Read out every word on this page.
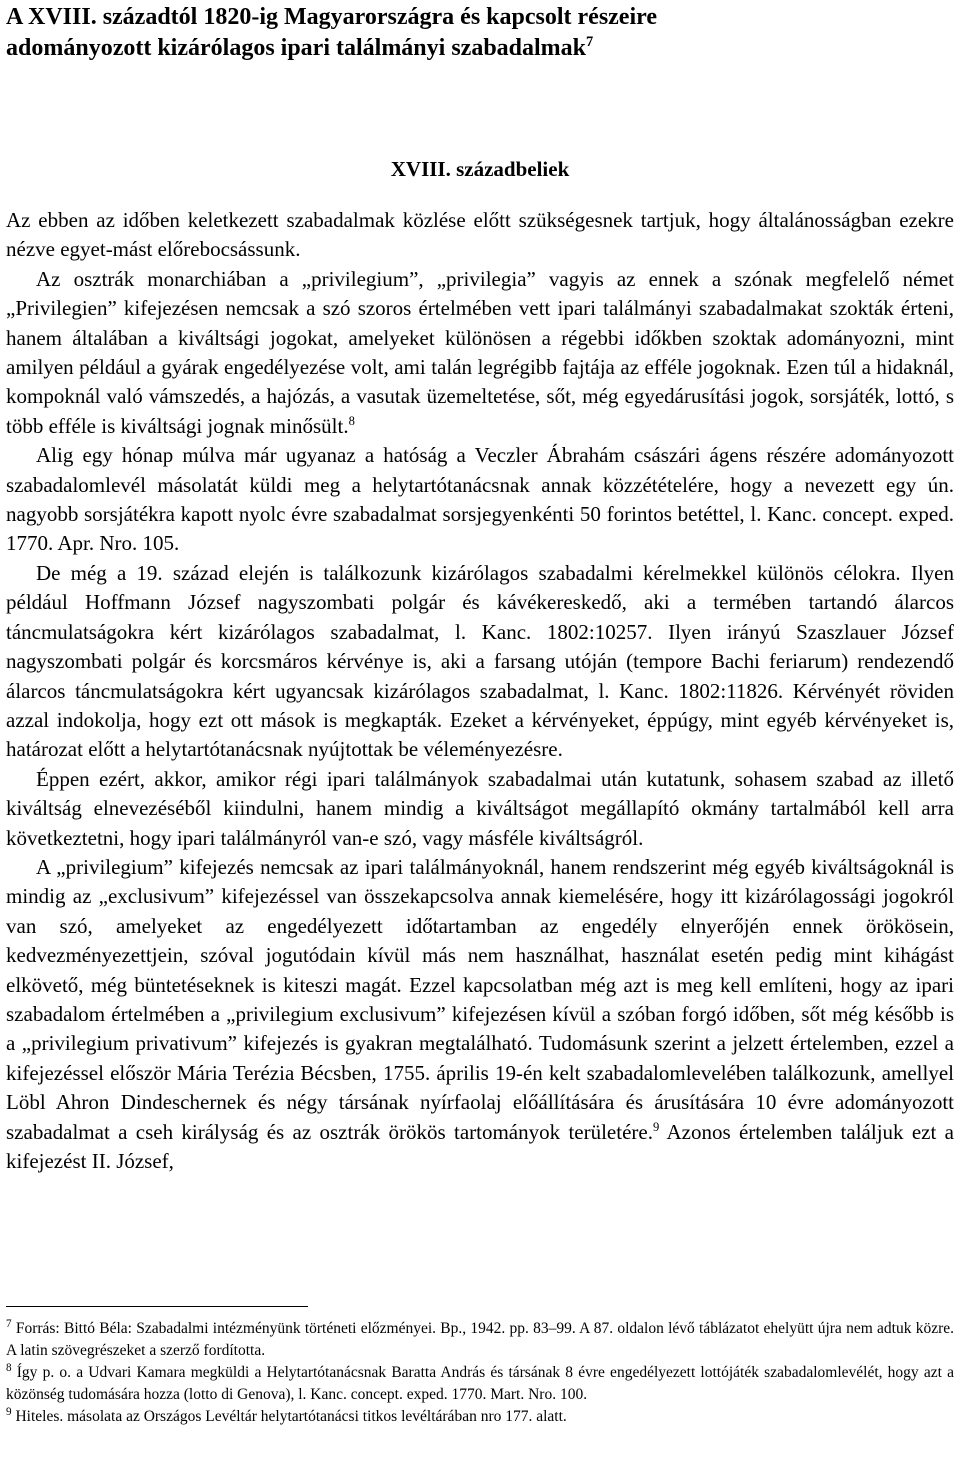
A XVIII. századtól 1820-ig Magyarországra és kapcsolt részeire
adományozott kizárólagos ipari találmányi szabadalmak$^7$
XVIII. századbeliek

Az ebben az időben keletkezett szabadalmak közlése előtt szükségesnek tartjuk, hogy általánosságban ezekre nézve egyet-mást előrebocsássunk.

Az osztrák monarchiában a „privilegium”, „privilegia” vagyis az ennek a szónak megfelelő német „Privilegien” kifejezésen nemcsak a szó szoros értelmében vett ipari találmányi szabadalmakat szokták érteni, hanem általában a kiváltsági jogokat, amelyeket különösen a régebbi időkben szoktak adományozni, mint amilyen például a gyárak engedélyezése volt, ami talán legrégibb fajtája az efféle jogoknak. Ezen túl a hidaknál, kompoknál való vámszedés, a hajózás, a vasutak üzemeltetése, sőt, még egyedárusítási jogok, sorsjáték, lottó, s több efféle is kiváltsági jognak minősült.$^8$

Alig egy hónap múlva már ugyanaz a hatóság a Veczler Ábrahám császári ágens részére adományozott szabadalomlevél másolatát küldi meg a helytartótanácsnak annak közzétételére, hogy a nevezett egy ún. nagyobb sorsjátékra kapott nyolc évre szabadalmat sorsjegyenkénti 50 forintos betéttel, l. Kanc. concept. exped. 1770. Apr. Nro. 105.

De még a 19. század elején is találkozunk kizárólagos szabadalmi kérelmekkel különös célokra. Ilyen például Hoffmann József nagyszombati polgár és kávékereskedő, aki a termében tartandó álarcos táncmulatságokra kért kizárólagos szabadalmat, l. Kanc. 1802:10257. Ilyen irányú Szaszlauer József nagyszombati polgár és korcsmáros kérvénye is, aki a farsang utóján (tempore Bachi feriarum) rendezendő álarcos táncmulatságokra kért ugyancsak kizárólagos szabadalmat, l. Kanc. 1802:11826. Kérvényét röviden azzal indokolja, hogy ezt ott mások is megkapták. Ezeket a kérvényeket, éppúgy, mint egyéb kérvényeket is, határozat előtt a helytartótanácsnak nyújtottak be véleményezésre.

Éppen ezért, akkor, amikor régi ipari találmányok szabadalmai után kutatunk, sohasem szabad az illető kiváltság elnevezéséből kiindulni, hanem mindig a kiváltságot megállapító okmány tartalmából kell arra következtetni, hogy ipari találmányról van-e szó, vagy másféle kiváltságról.

A „privilegium” kifejezés nemcsak az ipari találmányoknál, hanem rendszerint még egyéb kiváltságoknál is mindig az „exclusivum” kifejezéssel van összekapcsolva annak kiemelésére, hogy itt kizárólagossági jogokról van szó, amelyeket az engedélyezett időtartamban az engedély elnyerőjén ennek örökösein, kedvezményezettjein, szóval jogutódain kívül más nem használhat, használat esetén pedig mint kihágást elkövető, még büntetéseknek is kiteszi magát. Ezzel kapcsolatban még azt is meg kell említeni, hogy az ipari szabadalom értelmében a „privilegium exclusivum” kifejezésen kívül a szóban forgó időben, sőt még később is a „privilegium privativum” kifejezés is gyakran megtalálható. Tudomásunk szerint a jelzett értelemben, ezzel a kifejezéssel először Mária Terézia Bécsben, 1755. április 19-én kelt szabadalomlevelében találkozunk, amellyel Löbl Ahron Dindeschernek és négy társának nyírfaolaj előállítására és árusítására 10 évre adományozott szabadalmat a cseh királyság és az osztrák örökös tartományok területére.$^9$ Azonos értelemben találjuk ezt a kifejezést II. József,

$^7$ Forrás: Bittó Béla: Szabadalmi intézményünk történeti előzményei. Bp., 1942. pp. 83–99. A 87. oldalon lévő táblázatot ehelyütt újra nem adtuk közre. A latin szövegrészeket a szerző fordította.

$^8$ Így p. o. a Udvari Kamara megküldi a Helytartótanácsnak Baratta András és társának 8 évre engedélyezett lottójáték szabadalomlevélét, hogy azt a közönség tudomására hozza (lotto di Genova), l. Kanc. concept. exped. 1770. Mart. Nro. 100.

$^9$ Hiteles. másolata az Országos Levéltár helytartótanácsi titkos levéltárában nro 177. alatt.
